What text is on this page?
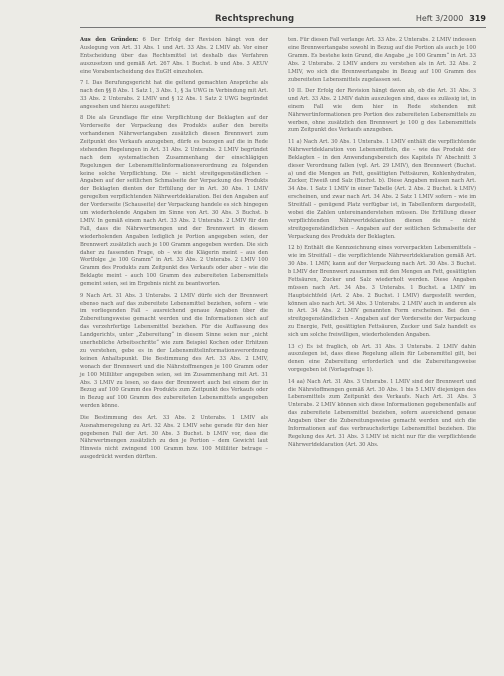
Rechtsprechung	Heft 3/2000 319

Aus den Gründen: 6 Der Erfolg der Revision hängt von der Auslegung von Art. 31 Abs. 1 und Art. 33 Abs. 2 LMIV ab. Vor einer Entscheidung über das Rechtsmittel ist deshalb das Verfahren auszusetzen und gemäß Art. 267 Abs. 1 Buchst. b und Abs. 3 AEUV eine Vorabentscheidung des EuGH einzuholen.

7 I. Das Berufungsgericht hat die geltend gemachten Ansprüche als nach den §§ 8 Abs. 1 Satz 1, 3 Abs. 1, § 3a UWG in Verbindung mit Art. 33 Abs. 2 Unterabs. 2 LMIV und § 12 Abs. 1 Satz 2 UWG begründet angesehen und hierzu ausgeführt:

8 Die als Grundlage für eine Verpflichtung der Beklagten auf der Vorderseite der Verpackung des Produkts außer den bereits vorhandenen Nährwertangaben zusätzlich diesen Brennwert zum Zeitpunkt des Verkaufs anzugeben, dürfe es bezogen auf die in Rede stehenden Regelungen in Art. 31 Abs. 2 Unterabs. 2 LMIV begründet nach dem systematischen Zusammenhang der einschlägigen Regelungen der Lebensmittelinformationsverordnung zu folgenden keine solche Verpflichtung. Die – nicht streitgegenständlichen – Angaben auf der seitlichen Schmalseite der Verpackung des Produkts der Beklagten dienten der Erfüllung der in Art. 30 Abs. 1 LMIV geregelten verpflichtenden Nährwertdeklaration. Bei den Angaben auf der Vorderseite (Schauseite) der Verpackung handele es sich hingegen um wiederholende Angaben im Sinne von Art. 30 Abs. 3 Buchst. b LMIV. In gemäß einem nach Art. 33 Abs. 2 Unterabs. 2 LMIV für den Fall, dass die Nährwertmengen und der Brennwert in diesem wiederholenden Angaben lediglich je Portion angegeben seien, der Brennwert zusätzlich auch je 100 Gramm angegeben werden. Die sich daher zu fassenden Frage, ob – wie die Klägerin meint – aus den Wortfolge „je 100 Gramm“ in Art. 33 Abs. 2 Unterabs. 2 LMIV 100 Gramm des Produkts zum Zeitpunkt des Verkaufs oder aber – wie die Beklagte meint – auch 100 Gramm des zubereiteten Lebensmittels gemeint seien, sei im Ergebnis nicht zu beantworten.

9 Nach Art. 31 Abs. 3 Unterabs. 2 LMIV dürfe sich der Brennwert ebenso nach auf das zubereitete Lebensmittel beziehen, sofern – wie im vorliegenden Fall – ausreichend genaue Angaben über die Zubereitungsweise gemacht werden und die Informationen sich auf das verzehrfertige Lebensmittel beziehen. Für die Auffassung des Landgerichts, unter „Zubereitung“ in diesem Sinne seien nur „nicht unerhebliche Arbeitsschritte“ wie zum Beispiel Kochen oder Erhitzen zu verstehen, gebe es in der Lebensmittelinformationsverordnung keinen Anhaltspunkt. Die Bestimmung des Art. 33 Abs. 2 LMIV, wonach der Brennwert und die Nährstoffmengen je 100 Gramm oder je 100 Milliliter angegeben seien, sei im Zusammenhang mit Art. 31 Abs. 3 LMIV zu lesen, so dass der Brennwert auch bei einem der in Bezug auf 100 Gramm des Produkts zum Zeitpunkt des Verkaufs oder in Bezug auf 100 Gramm des zubereiteten Lebensmittels angegeben werden könne.

Die Bestimmung des Art. 33 Abs. 2 Unterabs. 1 LMIV als Ausnahmeregelung zu Art. 32 Abs. 2 LMIV sehe gerade für den hier gegebenen Fall der Art. 30 Abs. 3 Buchst. b LMIV vor, dass die Nährwertmengen zusätzlich zu den je Portion – dem Gewicht laut Hinweis nicht zwingend 100 Gramm bzw. 100 Milliliter betrage – ausgedrückt werden dürften.

ten. Für diesen Fall verlange Art. 33 Abs. 2 Unterabs. 2 LMIV indessen eine Brennwertangabe sowohl in Bezug auf die Portion als auch je 100 Gramm. Es bestehe kein Grund, die Angabe „je 100 Gramm“ in Art. 33 Abs. 2 Unterabs. 2 LMIV anders zu verstehen als in Art. 32 Abs. 2 LMIV, wo sich die Brennwertangabe in Bezug auf 100 Gramm des zubereiteten Lebensmittels zugelassen sei.

10 II. Der Erfolg der Revision hängt davon ab, ob die Art. 31 Abs. 3 und Art. 33 Abs. 2 LMIV dahin auszulegen sind, dass es zulässig ist, in einem Fall wie dem hier in Rede stehenden mit Nährwertinformationen pro Portion des zubereiteten Lebensmittels zu werben, ohne zusätzlich den Brennwert je 100 g des Lebensmittels zum Zeitpunkt des Verkaufs anzugeben.

11 a) Nach Art. 30 Abs. 1 Unterabs. 1 LMIV enthält die verpflichtende Nährwertdeklaration von Lebensmitteln, die – wie das Produkt der Beklagten – in den Anwendungsbereich des Kapitels IV Abschnitt 3 dieser Verordnung fallen (vgl. Art. 29 LMIV), den Brennwert (Buchst. a) und die Mengen an Fett, gesättigten Fettsäuren, Kohlenhydraten, Zucker, Eiweiß und Salz (Buchst. b). Diese Angaben müssen nach Art. 34 Abs. 1 Satz 1 LMIV in einer Tabelle (Art. 2 Abs. 2 Buchst. k LMIV) erscheinen, und zwar nach Art. 34 Abs. 2 Satz 1 LMIV sofern – wie im Streitfall – genügend Platz verfügbar ist, in Tabellenform dargestellt, wobei die Zahlen untereinanderstehen müssen. Die Erfüllung dieser verpflichtenden Nährwertdeklaration dienen die – nicht streitgegenständlichen – Angaben auf der seitlichen Schmalseite der Verpackung des Produkts der Beklagten.

12 b) Enthält die Kennzeichnung eines vorverpackten Lebensmittels – wie im Streitfall – die verpflichtende Nährwertdeklaration gemäß Art. 30 Abs. 1 LMIV, kann auf der Verpackung nach Art. 30 Abs. 3 Buchst. b LMIV der Brennwert zusammen mit den Mengen an Fett, gesättigten Fettsäuren, Zucker und Salz wiederholt werden. Diese Angaben müssen nach Art. 34 Abs. 3 Unterabs. 1 Buchst. a LMIV im Hauptsichtfeld (Art. 2 Abs. 2 Buchst. l LMIV) dargestellt werden, können also nach Art. 34 Abs. 3 Unterabs. 2 LMIV auch in anderen als in Art. 34 Abs. 2 LMIV genannten Form erscheinen. Bei den – streitgegenständlichen – Angaben auf der Vorderseite der Verpackung zu Energie, Fett, gesättigten Fettsäuren, Zucker und Salz handelt es sich um solche freiwilligen, wiederholenden Angaben.

13 c) Es ist fraglich, ob Art. 31 Abs. 3 Unterabs. 2 LMIV dahin auszulegen ist, dass diese Regelung allein für Lebensmittel gilt, bei denen eine Zubereitung erforderlich und die Zubereitungsweise vorgegeben ist (Vorlagefrage 1).

14 aa) Nach Art. 31 Abs. 3 Unterabs. 1 LMIV sind der Brennwert und die Nährstoffmengen gemäß Art. 30 Abs. 1 bis 5 LMIV diejenigen des Lebensmittels zum Zeitpunkt des Verkaufs. Nach Art. 31 Abs. 3 Unterabs. 2 LMIV können sich diese Informationen gegebenenfalls auf das zubereitete Lebensmittel beziehen, sofern ausreichend genaue Angaben über die Zubereitungsweise gemacht werden und sich die Informationen auf das verbrauchsfertige Lebensmittel beziehen. Die Regelung des Art. 31 Abs. 3 LMIV ist nicht nur für die verpflichtende Nährwertdeklaration (Art. 30 Abs.
